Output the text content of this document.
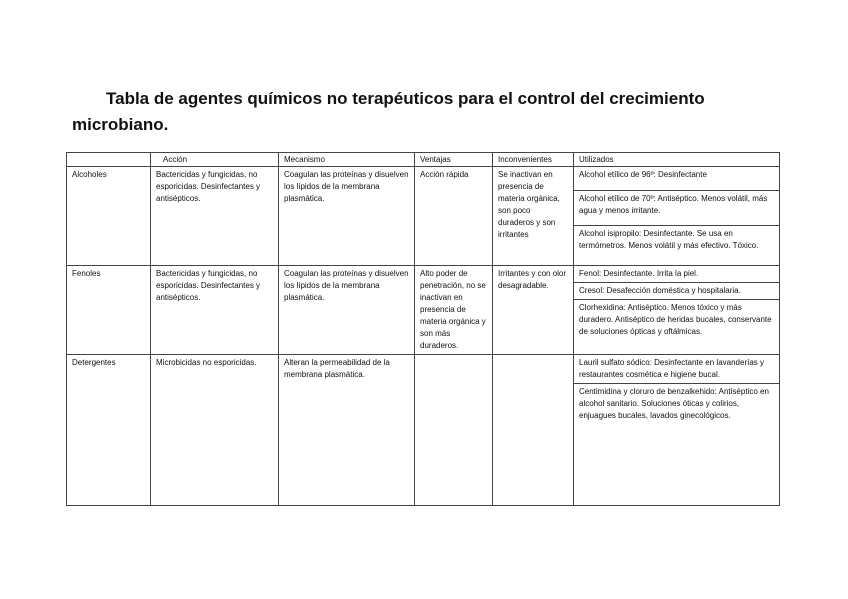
Tabla de agentes químicos no terapéuticos para el control del crecimiento microbiano.
	Acción	Mecanismo	Ventajas	Inconvenientes	Utilizados
Alcoholes	Bactericidas y fungicidas, no esporicidas. Desinfectantes y antisépticos.	Coagulan las proteínas y disuelven los lípidos de la membrana plasmática.	Acción rápida	Se inactivan en presencia de materia orgánica, son poco duraderos y son irritantes	Alcohol etílico de 96º: Desinfectante
Alcohol etílico de 70º: Antiséptico. Menos volátil, más agua y menos irritante.
Alcohol isipropilo: Desinfectante. Se usa en termómetros. Menos volátil y más efectivo. Tóxico.

Fenoles	Bactericidas y fungicidas, no esporicidas. Desinfectantes y antisépticos.	Coagulan las proteínas y disuelven los lípidos de la membrana plasmática.	Alto poder de penetración, no se inactivan en presencia de materia orgánica y son más duraderos.	Irritantes y con olor desagradable.	Fenol: Desinfectante. Irrita la piel.
Cresol: Desafección doméstica y hospitalaria.
Clorhexidina: Antiséptico. Menos tóxico y más duradero. Antiséptico de heridas bucales, conservante de soluciones ópticas y oftálmicas.

Detergentes	Microbicidas no esporicidas.	Alteran la permeabilidad de la membrana plasmática.			Lauril sulfato sódico: Desinfectante en lavanderías y restaurantes cosmética e higiene bucal.
Centimidina y cloruro de benzalkehido: Antiséptico en alcohol sanitario. Soluciones óticas y colirios, enjuagues bucales, lavados ginecológicos.
